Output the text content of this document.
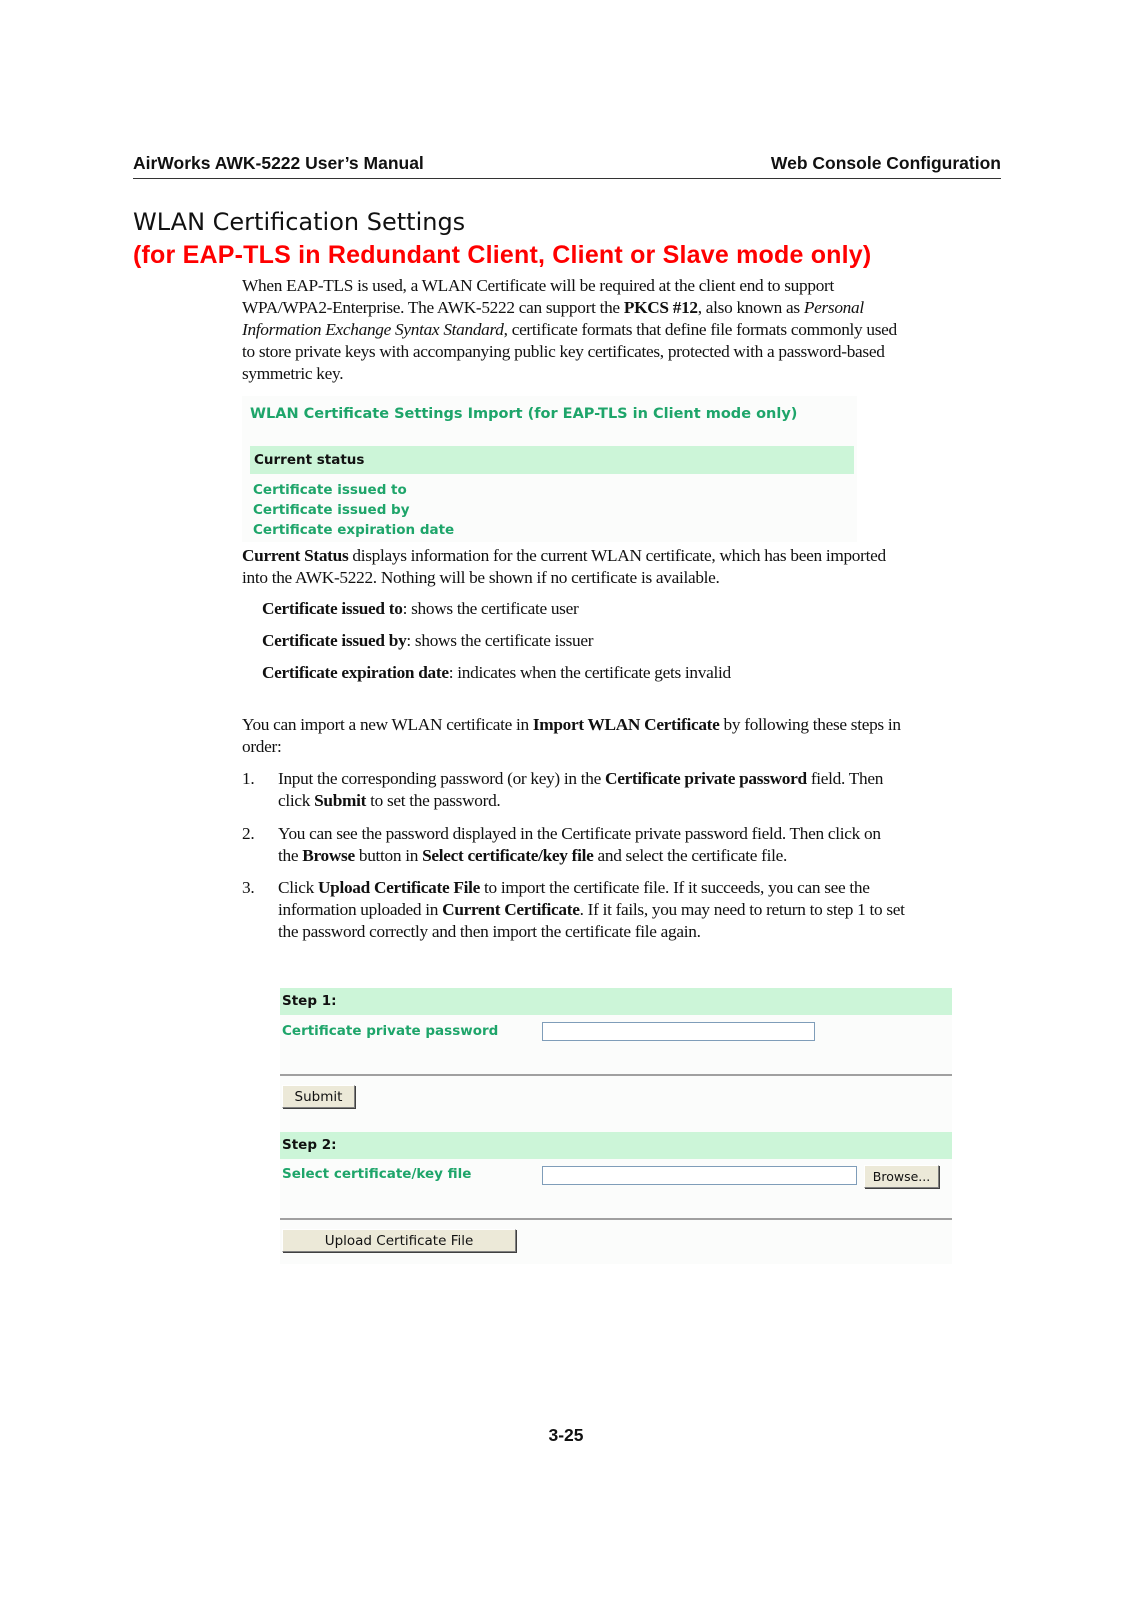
AirWorks AWK-5222 User’s Manual	Web Console Configuration
WLAN Certification Settings
(for EAP-TLS in Redundant Client, Client or Slave mode only)
When EAP-TLS is used, a WLAN Certificate will be required at the client end to support
WPA/WPA2-Enterprise. The AWK-5222 can support the PKCS #12, also known as Personal
Information Exchange Syntax Standard, certificate formats that define file formats commonly used
to store private keys with accompanying public key certificates, protected with a password-based
symmetric key.
WLAN Certificate Settings Import (for EAP-TLS in Client mode only)
Current status
Certificate issued to
Certificate issued by
Certificate expiration date
Current Status displays information for the current WLAN certificate, which has been imported
into the AWK-5222. Nothing will be shown if no certificate is available.
Certificate issued to: shows the certificate user
Certificate issued by: shows the certificate issuer
Certificate expiration date: indicates when the certificate gets invalid
You can import a new WLAN certificate in Import WLAN Certificate by following these steps in
order:
1. Input the corresponding password (or key) in the Certificate private password field. Then
click Submit to set the password.
2. You can see the password displayed in the Certificate private password field. Then click on
the Browse button in Select certificate/key file and select the certificate file.
3. Click Upload Certificate File to import the certificate file. If it succeeds, you can see the
information uploaded in Current Certificate. If it fails, you may need to return to step 1 to set
the password correctly and then import the certificate file again.
Step 1:
Certificate private password
Submit
Step 2:
Select certificate/key file	Browse...
Upload Certificate File
3-25
